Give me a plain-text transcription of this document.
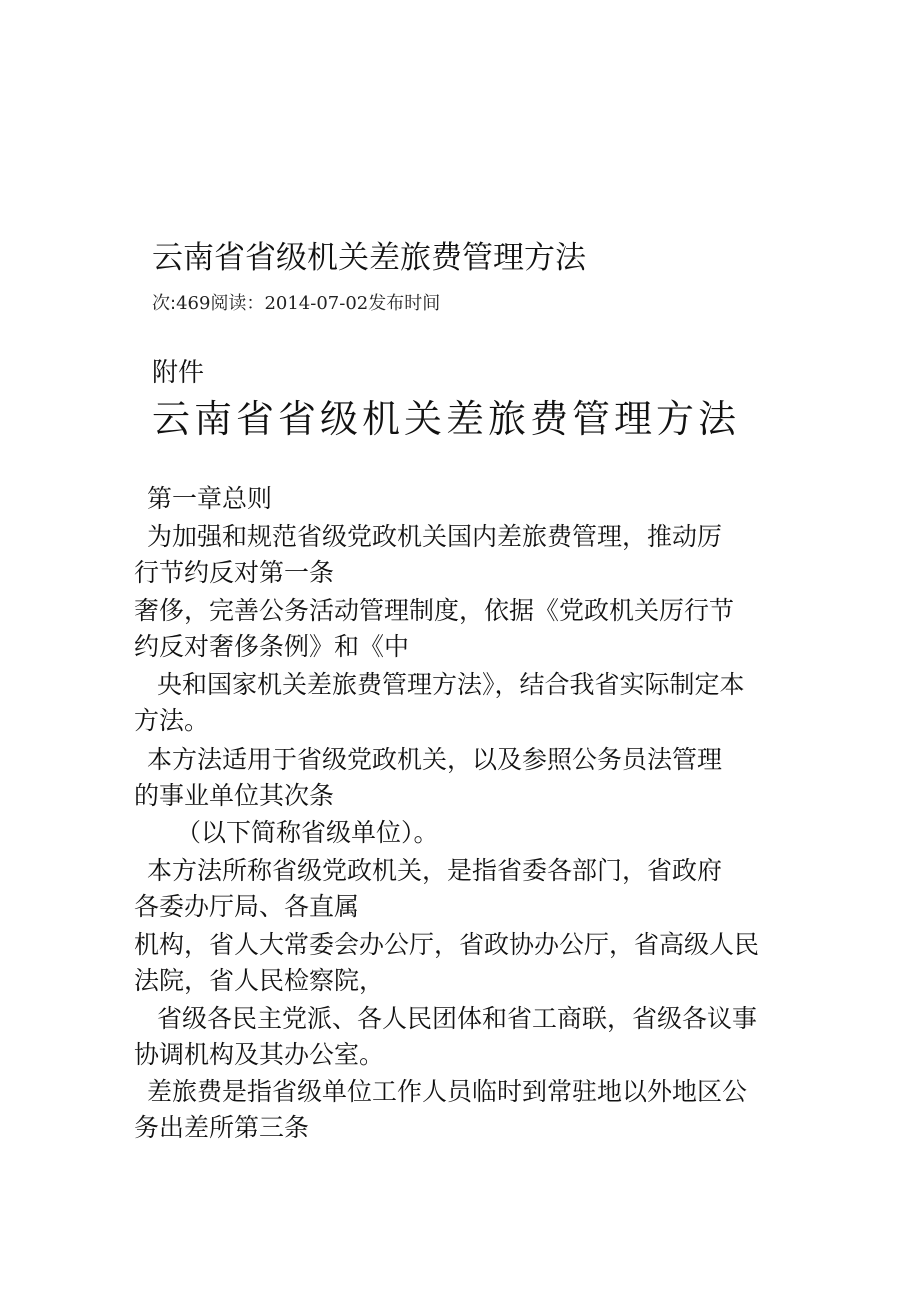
云南省省级机关差旅费管理方法
次:469阅读：2014-07-02发布时间
附件
云南省省级机关差旅费管理方法
第一章总则
为加强和规范省级党政机关国内差旅费管理，推动厉
行节约反对第一条
奢侈，完善公务活动管理制度，依据《党政机关厉行节
约反对奢侈条例》和《中
央和国家机关差旅费管理方法》，结合我省实际制定本
方法。
本方法适用于省级党政机关，以及参照公务员法管理
的事业单位其次条
（以下简称省级单位）。
本方法所称省级党政机关，是指省委各部门，省政府
各委办厅局、各直属
机构，省人大常委会办公厅，省政协办公厅，省高级人民
法院，省人民检察院，
省级各民主党派、各人民团体和省工商联，省级各议事
协调机构及其办公室。
差旅费是指省级单位工作人员临时到常驻地以外地区公
务出差所第三条
